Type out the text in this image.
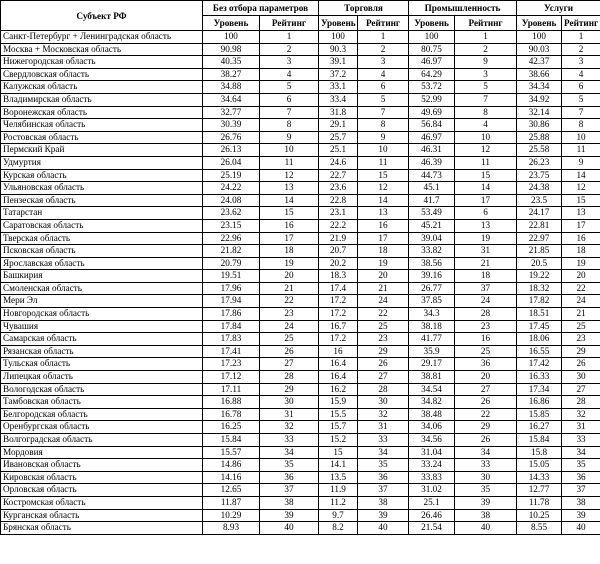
Субъект РФ	Без отбора параметров		Торговля		Промышленность		Услуги	
	Уровень	Рейтинг	Уровень	Рейтинг	Уровень	Рейтинг	Уровень	Рейтинг
Санкт-Петербург + Ленинградская область	100	1	100	1	100	1	100	1
Москва + Московская область	90.98	2	90.3	2	80.75	2	90.03	2
Нижегородская область	40.35	3	39.1	3	46.97	9	42.37	3
Свердловская область	38.27	4	37.2	4	64.29	3	38.66	4
Калужская область	34.88	5	33.1	6	53.72	5	34.34	6
Владимирская область	34.64	6	33.4	5	52.99	7	34.92	5
Воронежская область	32.77	7	31.8	7	49.69	8	32.14	7
Челябинская область	30.39	8	29.1	8	56.84	4	30.86	8
Ростовская область	26.76	9	25.7	9	46.97	10	25.88	10
Пермский Край	26.13	10	25.1	10	46.31	12	25.58	11
Удмуртия	26.04	11	24.6	11	46.39	11	26.23	9
Курская область	25.19	12	22.7	15	44.73	15	23.75	14
Ульяновская область	24.22	13	23.6	12	45.1	14	24.38	12
Пензеская область	24.08	14	22.8	14	41.7	17	23.5	15
Татарстан	23.62	15	23.1	13	53.49	6	24.17	13
Саратовская область	23.15	16	22.2	16	45.21	13	22.81	17
Тверская область	22.96	17	21.9	17	39.04	19	22.97	16
Псковская область	21.82	18	20.7	18	33.82	31	21.85	18
Ярославская область	20.79	19	20.2	19	38.56	21	20.5	19
Башкирия	19.51	20	18.3	20	39.16	18	19.22	20
Смоленская область	17.96	21	17.4	21	26.77	37	18.32	22
Мери Эл	17.94	22	17.2	24	37.85	24	17.82	24
Новгородская область	17.86	23	17.2	22	34.3	28	18.51	21
Чувашия	17.84	24	16.7	25	38.18	23	17.45	25
Самарская область	17.83	25	17.2	23	41.77	16	18.06	23
Рязанская область	17.41	26	16	29	35.9	25	16.55	29
Тульская область	17.23	27	16.4	26	29.17	36	17.42	26
Липецкая область	17.12	28	16.4	27	38.81	20	16.33	30
Вологодская область	17.11	29	16.2	28	34.54	27	17.34	27
Тамбовская область	16.88	30	15.9	30	34.82	26	16.86	28
Белгородская область	16.78	31	15.5	32	38.48	22	15.85	32
Оренбургская область	16.25	32	15.7	31	34.06	29	16.27	31
Волгоградская область	15.84	33	15.2	33	34.56	26	15.84	33
Мордовия	15.57	34	15	34	31.04	34	15.8	34
Ивановская область	14.86	35	14.1	35	33.24	33	15.05	35
Кировская область	14.16	36	13.5	36	33.83	30	14.33	36
Орловская область	12.65	37	11.9	37	31.02	35	12.77	37
Костромская область	11.87	38	11.2	38	25.1	39	11.78	38
Курганская область	10.29	39	9.7	39	26.46	38	10.25	39
Брянская область	8.93	40	8.2	40	21.54	40	8.55	40
